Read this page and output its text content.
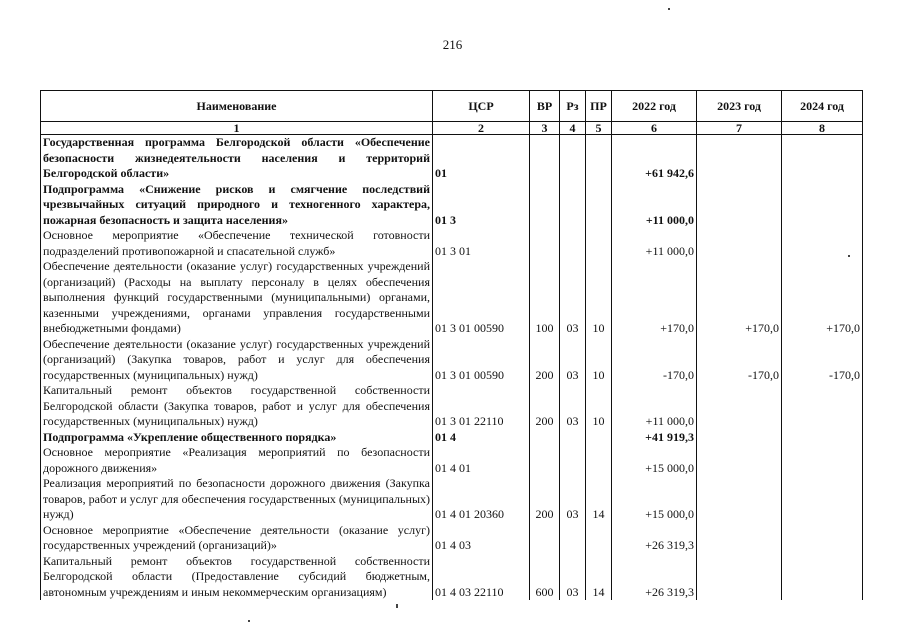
216
Наименование	ЦСР	ВР	Рз	ПР	2022 год	2023 год	2024 год
1	2	3	4	5	6	7	8
Государственная программа Белгородской области «Обеспечение безопасности жизнедеятельности населения и территорий Белгородской области»	01				+61 942,6		
Подпрограмма «Снижение рисков и смягчение последствий чрезвычайных ситуаций природного и техногенного характера, пожарная безопасность и защита населения»	01 3				+11 000,0		
Основное мероприятие «Обеспечение технической готовности подразделений противопожарной и спасательной служб»	01 3 01				+11 000,0		
Обеспечение деятельности (оказание услуг) государственных учреждений (организаций) (Расходы на выплату персоналу в целях обеспечения выполнения функций государственными (муниципальными) органами, казенными учреждениями, органами управления государственными внебюджетными фондами)	01 3 01 00590	100	03	10	+170,0	+170,0	+170,0
Обеспечение деятельности (оказание услуг) государственных учреждений (организаций) (Закупка товаров, работ и услуг для обеспечения государственных (муниципальных) нужд)	01 3 01 00590	200	03	10	-170,0	-170,0	-170,0
Капитальный ремонт объектов государственной собственности Белгородской области (Закупка товаров, работ и услуг для обеспечения государственных (муниципальных) нужд)	01 3 01 22110	200	03	10	+11 000,0		
Подпрограмма «Укрепление общественного порядка»	01 4				+41 919,3		
Основное мероприятие «Реализация мероприятий по безопасности дорожного движения»	01 4 01				+15 000,0		
Реализация мероприятий по безопасности дорожного движения (Закупка товаров, работ и услуг для обеспечения государственных (муниципальных) нужд)	01 4 01 20360	200	03	14	+15 000,0		
Основное мероприятие «Обеспечение деятельности (оказание услуг) государственных учреждений (организаций)»	01 4 03				+26 319,3		
Капитальный ремонт объектов государственной собственности Белгородской области (Предоставление субсидий бюджетным, автономным учреждениям и иным некоммерческим организациям)	01 4 03 22110	600	03	14	+26 319,3		
